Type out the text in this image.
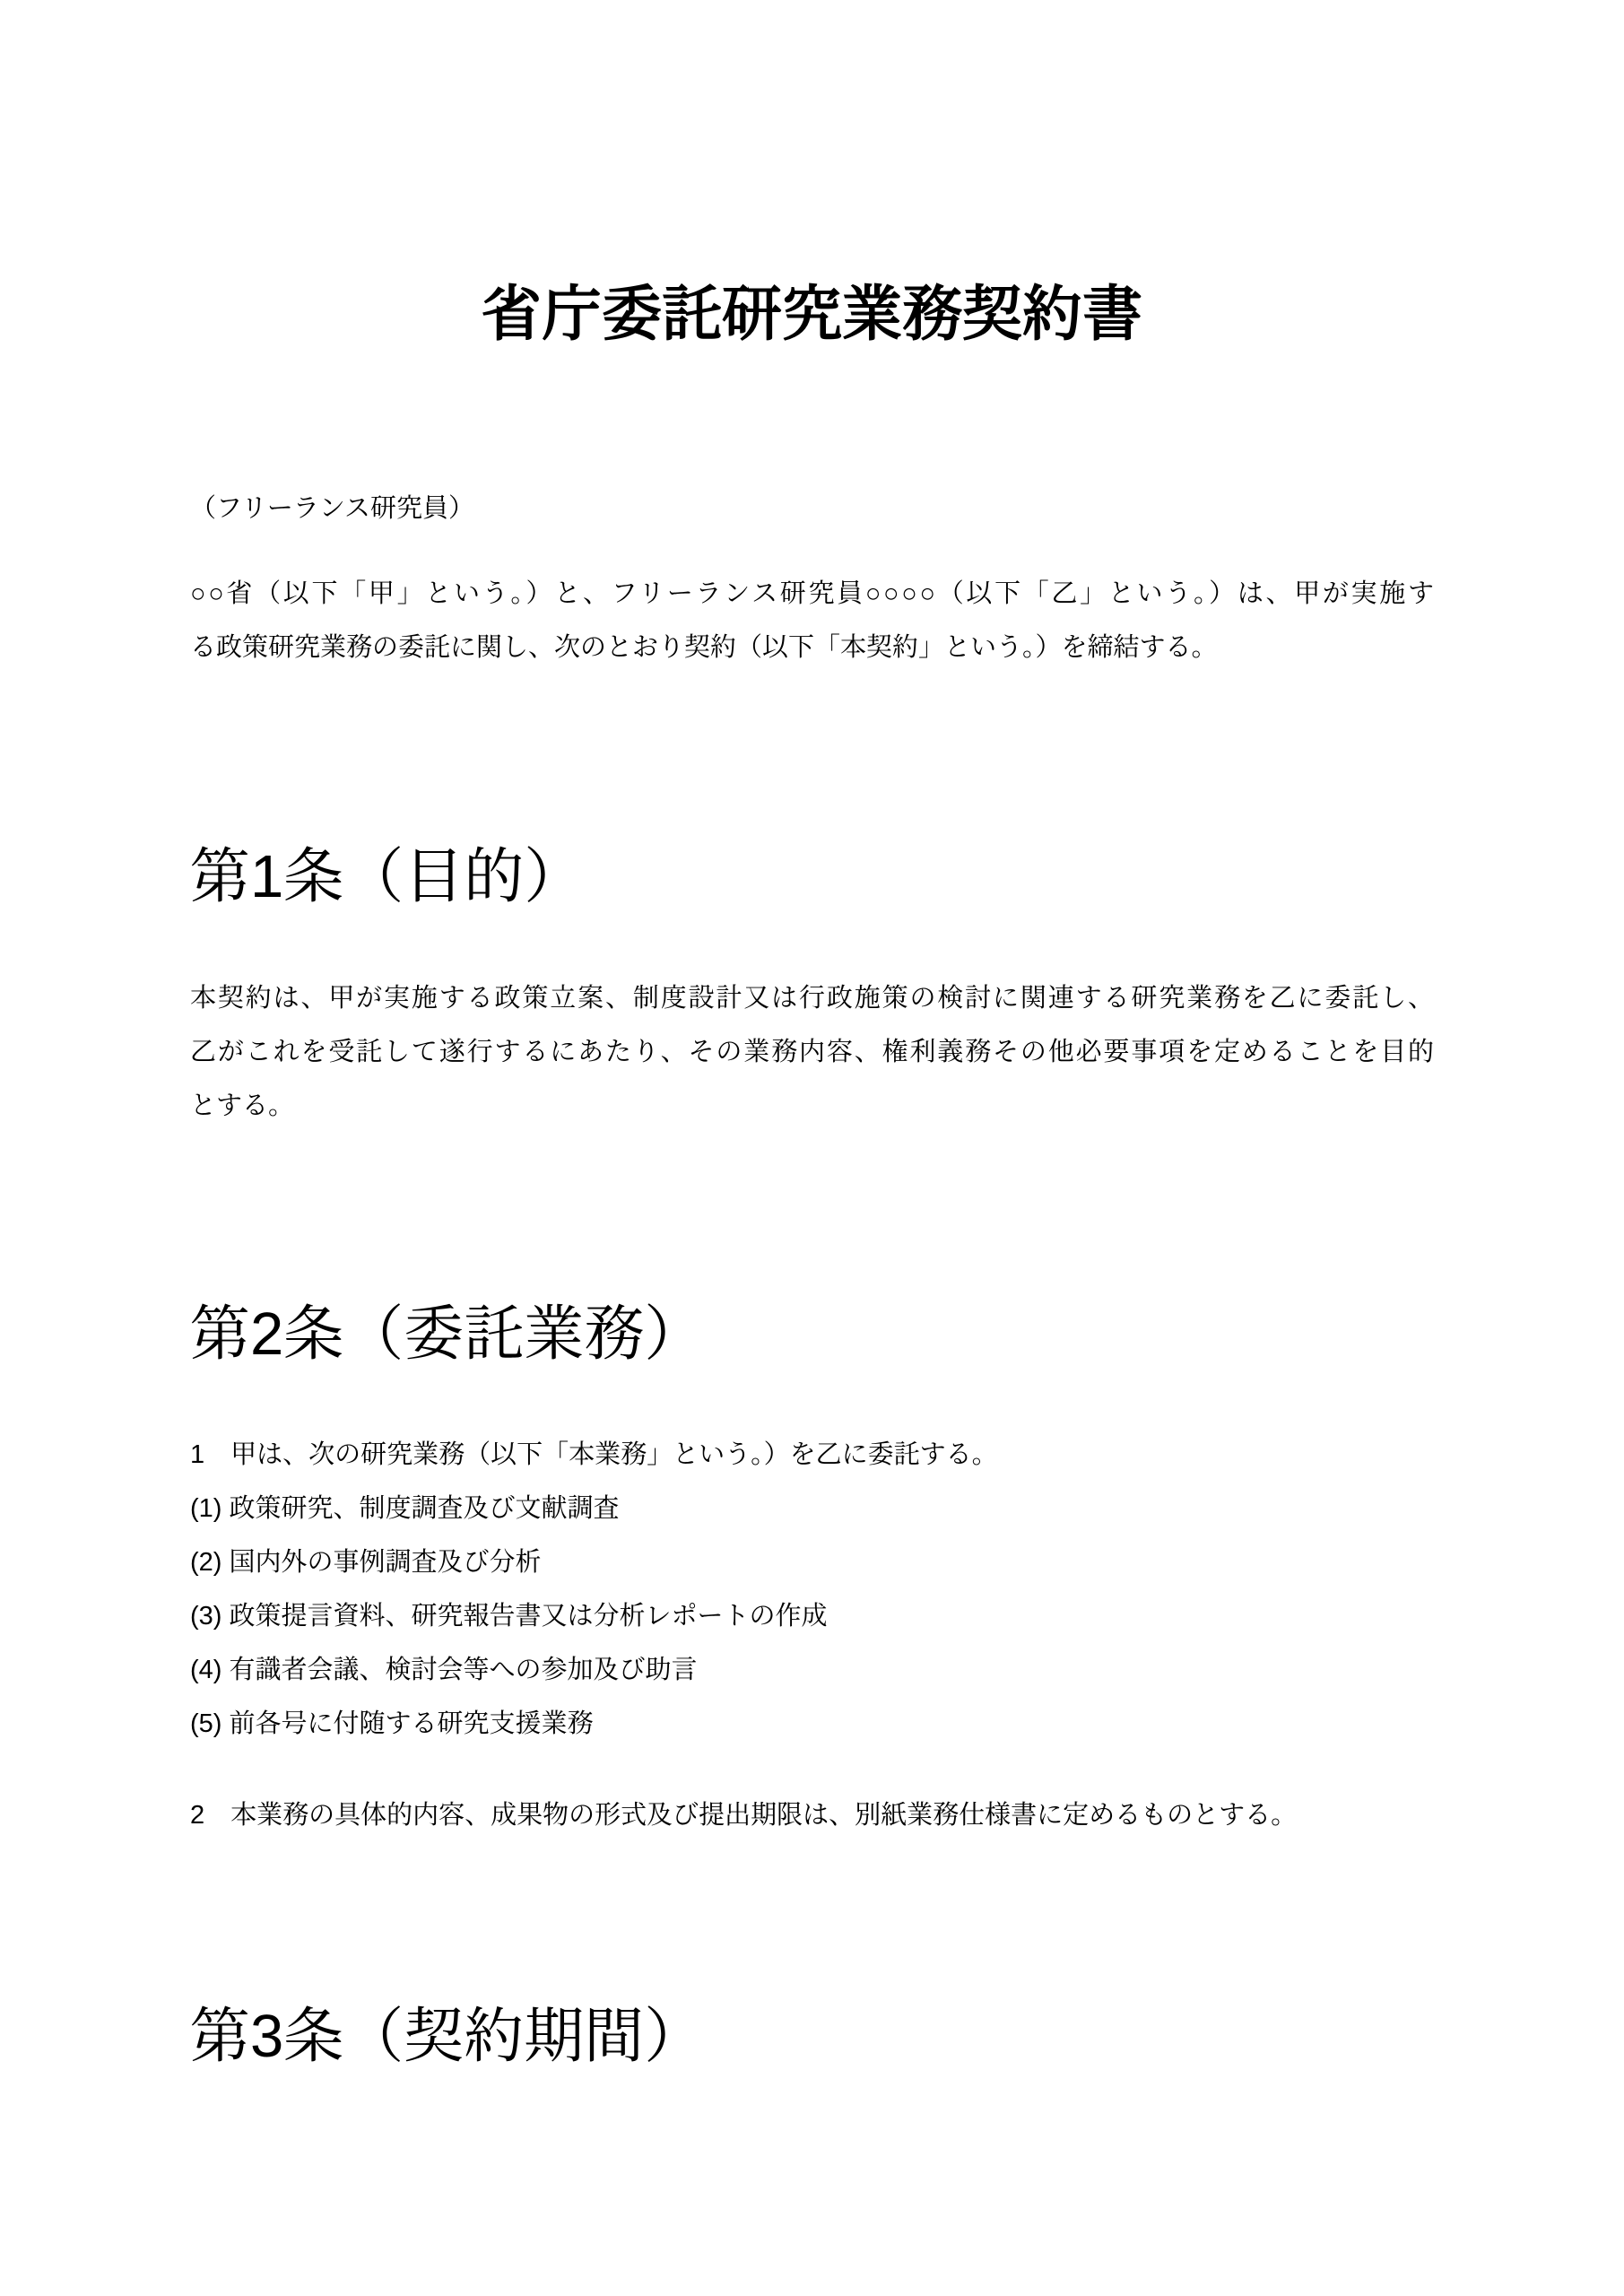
省庁委託研究業務契約書

（フリーランス研究員）

○○省（以下「甲」という。）と、フリーランス研究員○○○○（以下「乙」という。）は、甲が実施す
る政策研究業務の委託に関し、次のとおり契約（以下「本契約」という。）を締結する。
第1条（目的）
本契約は、甲が実施する政策立案、制度設計又は行政施策の検討に関連する研究業務を乙に委託し、
乙がこれを受託して遂行するにあたり、その業務内容、権利義務その他必要事項を定めることを目的
とする。
第2条（委託業務）
1　甲は、次の研究業務（以下「本業務」という。）を乙に委託する。
(1) 政策研究、制度調査及び文献調査
(2) 国内外の事例調査及び分析
(3) 政策提言資料、研究報告書又は分析レポートの作成
(4) 有識者会議、検討会等への参加及び助言
(5) 前各号に付随する研究支援業務

2　本業務の具体的内容、成果物の形式及び提出期限は、別紙業務仕様書に定めるものとする。

第3条（契約期間）
